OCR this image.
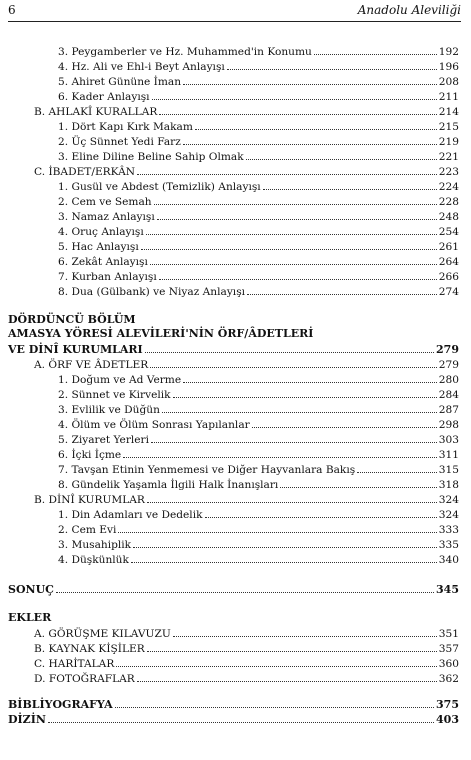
6	Anadolu Aleviliği
3. Peygamberler ve Hz. Muhammed'in Konumu	192
4. Hz. Ali ve Ehl-i Beyt Anlayışı	196
5. Ahiret Gününe İman	208
6. Kader Anlayışı	211
B. AHLAKÎ KURALLAR	214
1. Dört Kapı Kırk Makam	215
2. Üç Sünnet Yedi Farz	219
3. Eline Diline Beline Sahip Olmak	221
C. İBADET/ERKÂN	223
1. Gusül ve Abdest (Temizlik) Anlayışı	224
2. Cem ve Semah	228
3. Namaz Anlayışı	248
4. Oruç Anlayışı	254
5. Hac Anlayışı	261
6. Zekât Anlayışı	264
7. Kurban Anlayışı	266
8. Dua (Gülbank) ve Niyaz Anlayışı	274
DÖRDÜNCÜ BÖLÜM
AMASYA YÖRESİ ALEVİLERİ'NİN ÖRF/ÂDETLERİ
VE DİNÎ KURUMLARI	279
A. ÖRF VE ÂDETLER	279
1. Doğum ve Ad Verme	280
2. Sünnet ve Kirvelik	284
3. Evlilik ve Düğün	287
4. Ölüm ve Ölüm Sonrası Yapılanlar	298
5. Ziyaret Yerleri	303
6. İçki İçme	311
7. Tavşan Etinin Yenmemesi ve Diğer Hayvanlara Bakış	315
8. Gündelik Yaşamla İlgili Halk İnanışları	318
B. DİNÎ KURUMLAR	324
1. Din Adamları ve Dedelik	324
2. Cem Evi	333
3. Musahiplik	335
4. Düşkünlük	340
SONUÇ	345
EKLER
A. GÖRÜŞME KILAVUZU	351
B. KAYNAK KİŞİLER	357
C. HARİTALAR	360
D. FOTOĞRAFLAR	362
BİBLİYOGRAFYA	375
DİZİN	403
